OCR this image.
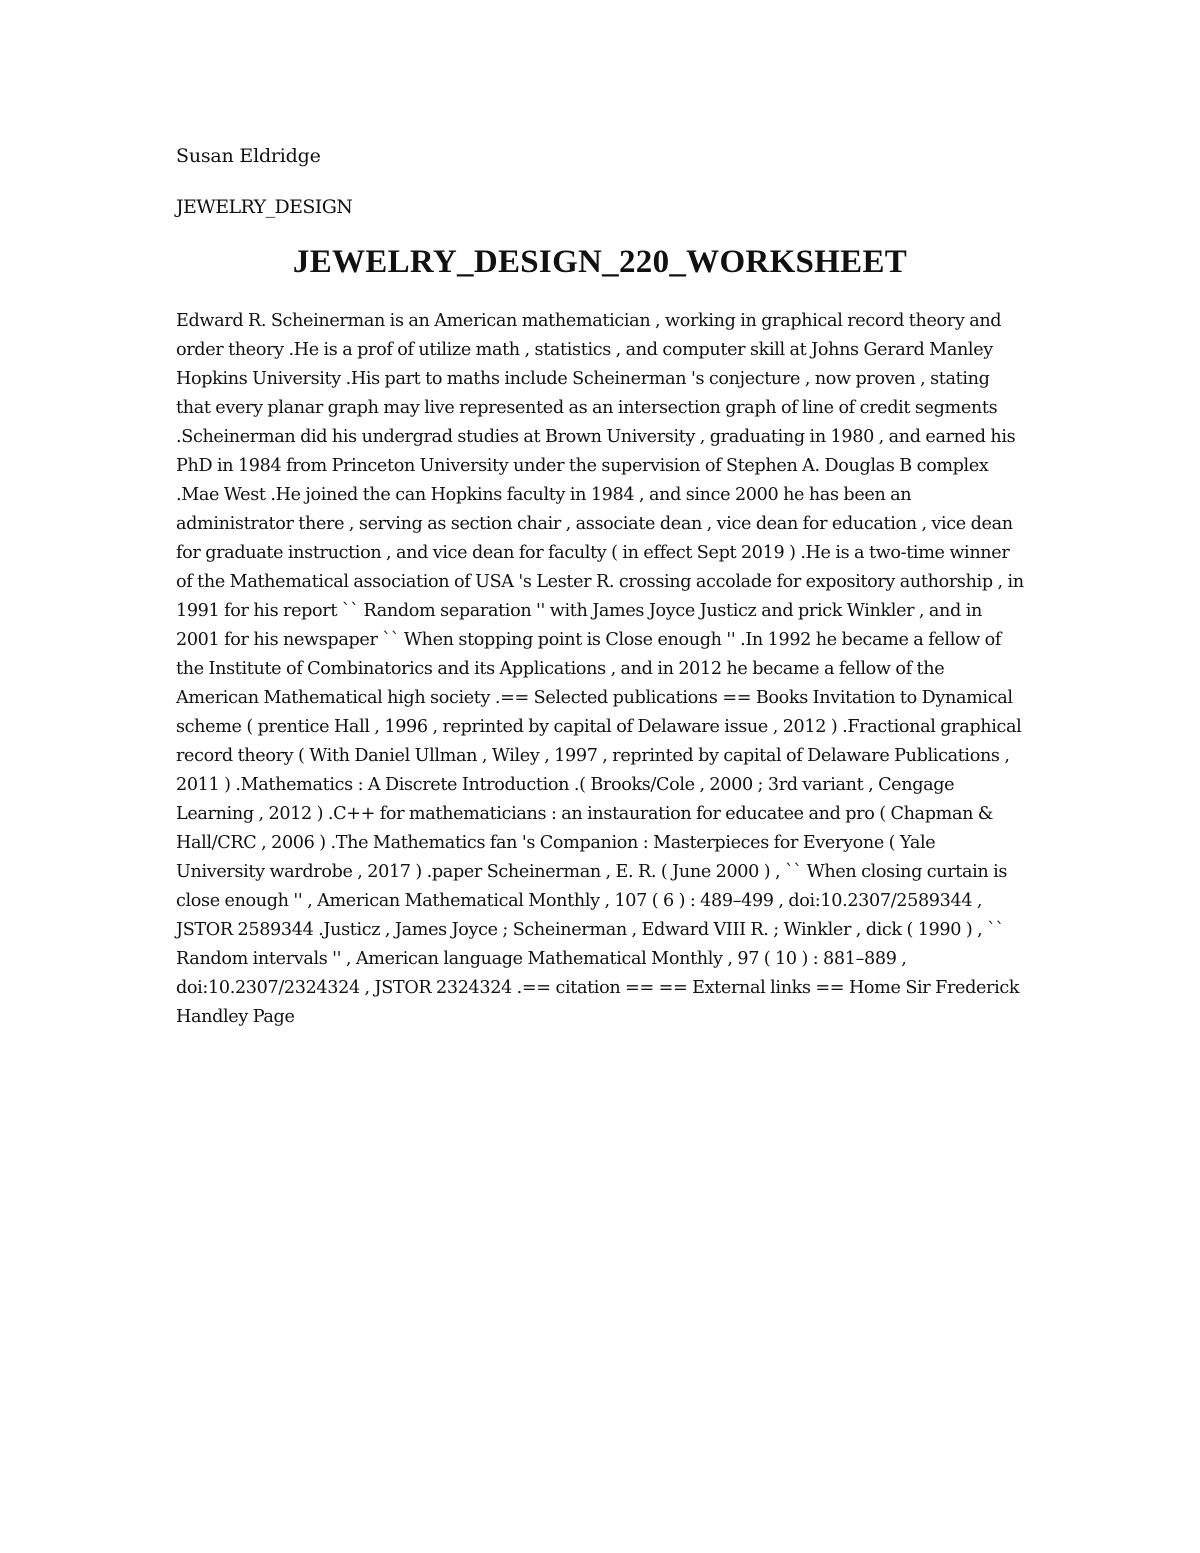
Susan Eldridge
JEWELRY_DESIGN
JEWELRY_DESIGN_220_WORKSHEET

Edward R. Scheinerman is an American mathematician , working in graphical record theory and order theory .He is a prof of utilize math , statistics , and computer skill at Johns Gerard Manley Hopkins University .His part to maths include Scheinerman 's conjecture , now proven , stating that every planar graph may live represented as an intersection graph of line of credit segments .Scheinerman did his undergrad studies at Brown University , graduating in 1980 , and earned his PhD in 1984 from Princeton University under the supervision of Stephen A. Douglas B complex .Mae West .He joined the can Hopkins faculty in 1984 , and since 2000 he has been an administrator there , serving as section chair , associate dean , vice dean for education , vice dean for graduate instruction , and vice dean for faculty ( in effect Sept 2019 ) .He is a two-time winner of the Mathematical association of USA 's Lester R. crossing accolade for expository authorship , in 1991 for his report `` Random separation '' with James Joyce Justicz and prick Winkler , and in 2001 for his newspaper `` When stopping point is Close enough '' .In 1992 he became a fellow of the Institute of Combinatorics and its Applications , and in 2012 he became a fellow of the American Mathematical high society .== Selected publications == Books Invitation to Dynamical scheme ( prentice Hall , 1996 , reprinted by capital of Delaware issue , 2012 ) .Fractional graphical record theory ( With Daniel Ullman , Wiley , 1997 , reprinted by capital of Delaware Publications , 2011 ) .Mathematics : A Discrete Introduction .( Brooks/Cole , 2000 ; 3rd variant , Cengage Learning , 2012 ) .C++ for mathematicians : an instauration for educatee and pro ( Chapman & Hall/CRC , 2006 ) .The Mathematics fan 's Companion : Masterpieces for Everyone ( Yale University wardrobe , 2017 ) .paper Scheinerman , E. R. ( June 2000 ) , `` When closing curtain is close enough '' , American Mathematical Monthly , 107 ( 6 ) : 489–499 , doi:10.2307/2589344 , JSTOR 2589344 .Justicz , James Joyce ; Scheinerman , Edward VIII R. ; Winkler , dick ( 1990 ) , `` Random intervals '' , American language Mathematical Monthly , 97 ( 10 ) : 881–889 , doi:10.2307/2324324 , JSTOR 2324324 .== citation == == External links == Home Sir Frederick Handley Page
